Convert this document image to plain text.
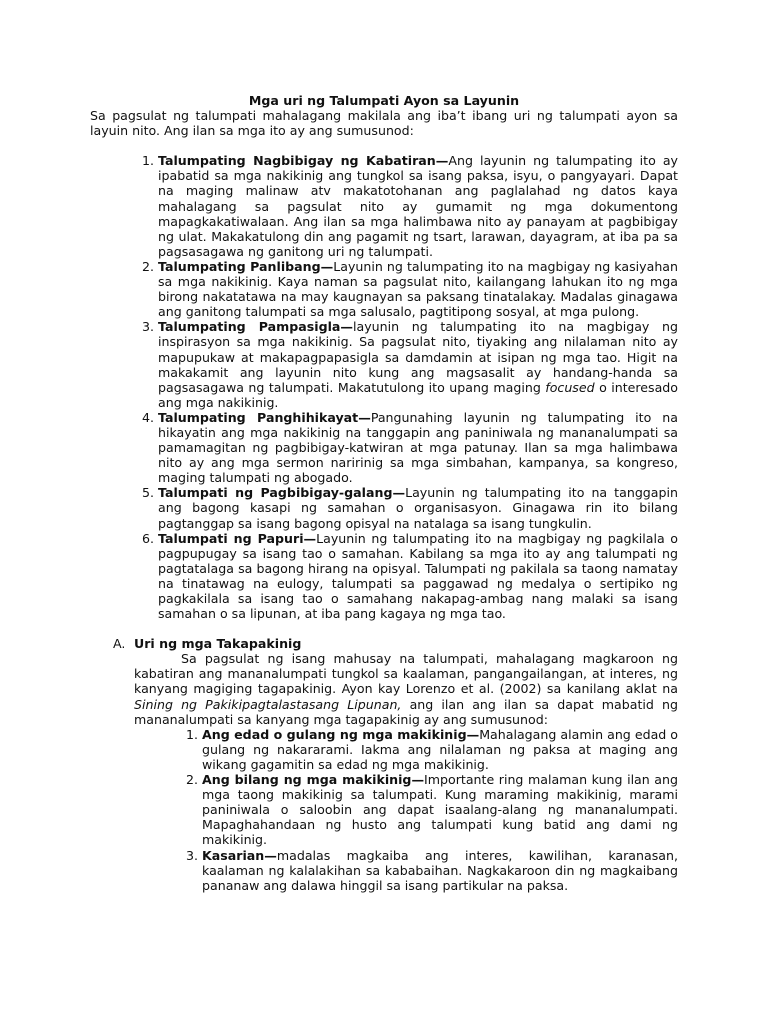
Mga uri ng Talumpati Ayon sa Layunin

Sa pagsulat ng talumpati mahalagang makilala ang iba’t ibang uri ng talumpati ayon sa layuin nito. Ang ilan sa mga ito ay ang sumusunod:

1. Talumpating Nagbibigay ng Kabatiran—Ang layunin ng talumpating ito ay ipabatid sa mga nakikinig ang tungkol sa isang paksa, isyu, o pangyayari. Dapat na maging malinaw atv makatotohanan ang paglalahad ng datos kaya mahalagang sa pagsulat nito ay gumamit ng mga dokumentong mapagkakatiwalaan. Ang ilan sa mga halimbawa nito ay panayam at pagbibigay ng ulat. Makakatulong din ang pagamit ng tsart, larawan, dayagram, at iba pa sa pagsasagawa ng ganitong uri ng talumpati.
2. Talumpating Panlibang—Layunin ng talumpating ito na magbigay ng kasiyahan sa mga nakikinig. Kaya naman sa pagsulat nito, kailangang lahukan ito ng mga birong nakatatawa na may kaugnayan sa paksang tinatalakay. Madalas ginagawa ang ganitong talumpati sa mga salusalo, pagtitipong sosyal, at mga pulong.
3. Talumpating Pampasigla—layunin ng talumpating ito na magbigay ng inspirasyon sa mga nakikinig. Sa pagsulat nito, tiyaking ang nilalaman nito ay mapupukaw at makapagpapasigla sa damdamin at isipan ng mga tao. Higit na makakamit ang layunin nito kung ang magsasalit ay handang-handa sa pagsasagawa ng talumpati. Makatutulong ito upang maging focused o interesado ang mga nakikinig.
4. Talumpating Panghihikayat—Pangunahing layunin ng talumpating ito na hikayatin ang mga nakikinig na tanggapin ang paniniwala ng mananalumpati sa pamamagitan ng pagbibigay-katwiran at mga patunay. Ilan sa mga halimbawa nito ay ang mga sermon naririnig sa mga simbahan, kampanya, sa kongreso, maging talumpati ng abogado.
5. Talumpati ng Pagbibigay-galang—Layunin ng talumpating ito na tanggapin ang bagong kasapi ng samahan o organisasyon. Ginagawa rin ito bilang pagtanggap sa isang bagong opisyal na natalaga sa isang tungkulin.
6. Talumpati ng Papuri—Layunin ng talumpating ito na magbigay ng pagkilala o pagpupugay sa isang tao o samahan. Kabilang sa mga ito ay ang talumpati ng pagtatalaga sa bagong hirang na opisyal. Talumpati ng pakilala sa taong namatay na tinatawag na eulogy, talumpati sa paggawad ng medalya o sertipiko ng pagkakilala sa isang tao o samahang nakapag-ambag nang malaki sa isang samahan o sa lipunan, at iba pang kagaya ng mga tao.
A. Uri ng mga Takapakinig

Sa pagsulat ng isang mahusay na talumpati, mahalagang magkaroon ng kabatiran ang mananalumpati tungkol sa kaalaman, pangangailangan, at interes, ng kanyang magiging tagapakinig. Ayon kay Lorenzo et al. (2002) sa kanilang aklat na Sining ng Pakikipagtalastasang Lipunan, ang ilan ang ilan sa dapat mabatid ng mananalumpati sa kanyang mga tagapakinig ay ang sumusunod:

1. Ang edad o gulang ng mga makikinig—Mahalagang alamin ang edad o gulang ng nakararami. Iakma ang nilalaman ng paksa at maging ang wikang gagamitin sa edad ng mga makikinig.
2. Ang bilang ng mga makikinig—Importante ring malaman kung ilan ang mga taong makikinig sa talumpati. Kung maraming makikinig, marami paniniwala o saloobin ang dapat isaalang-alang ng mananalumpati. Mapaghahandaan ng husto ang talumpati kung batid ang dami ng makikinig.
3. Kasarian—madalas magkaiba ang interes, kawilihan, karanasan, kaalaman ng kalalakihan sa kababaihan. Nagkakaroon din ng magkaibang pananaw ang dalawa hinggil sa isang partikular na paksa.
